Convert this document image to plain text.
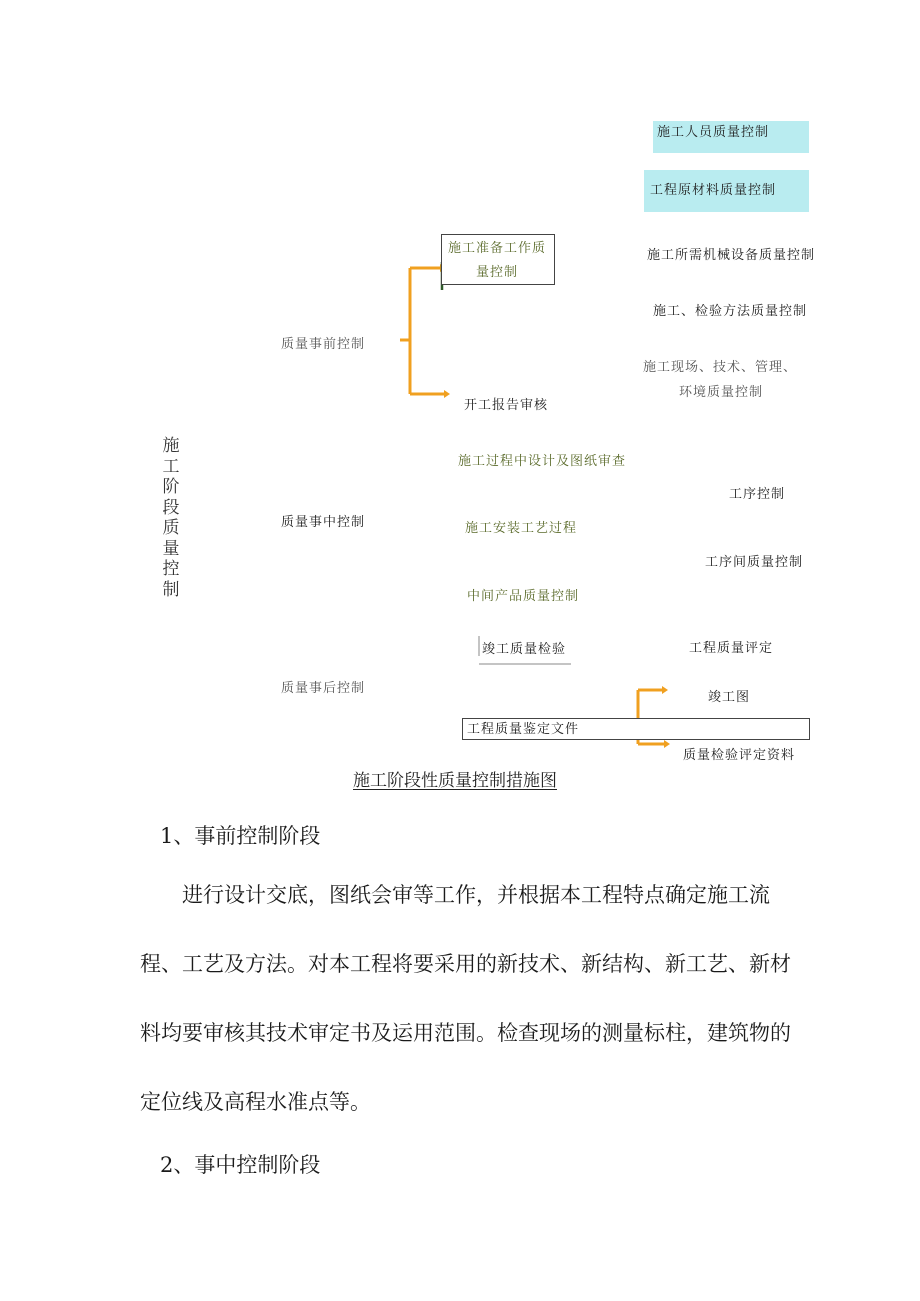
施
工
阶
段
质
量
控
制
质量事前控制
施工准备工作质
量控制
开工报告审核
施工人员质量控制
工程原材料质量控制
施工所需机械设备质量控制
施工、检验方法质量控制
施工现场、技术、管理、
环境质量控制
质量事中控制
施工过程中设计及图纸审查
施工安装工艺过程
中间产品质量控制
工序控制
工序间质量控制
质量事后控制
竣工质量检验
工程质量鉴定文件
工程质量评定
竣工图
质量检验评定资料
施工阶段性质量控制措施图
1、事前控制阶段
进行设计交底，图纸会审等工作，并根据本工程特点确定施工流程、工艺及方法。对本工程将要采用的新技术、新结构、新工艺、新材料均要审核其技术审定书及运用范围。检查现场的测量标柱，建筑物的定位线及高程水准点等。
2、事中控制阶段
